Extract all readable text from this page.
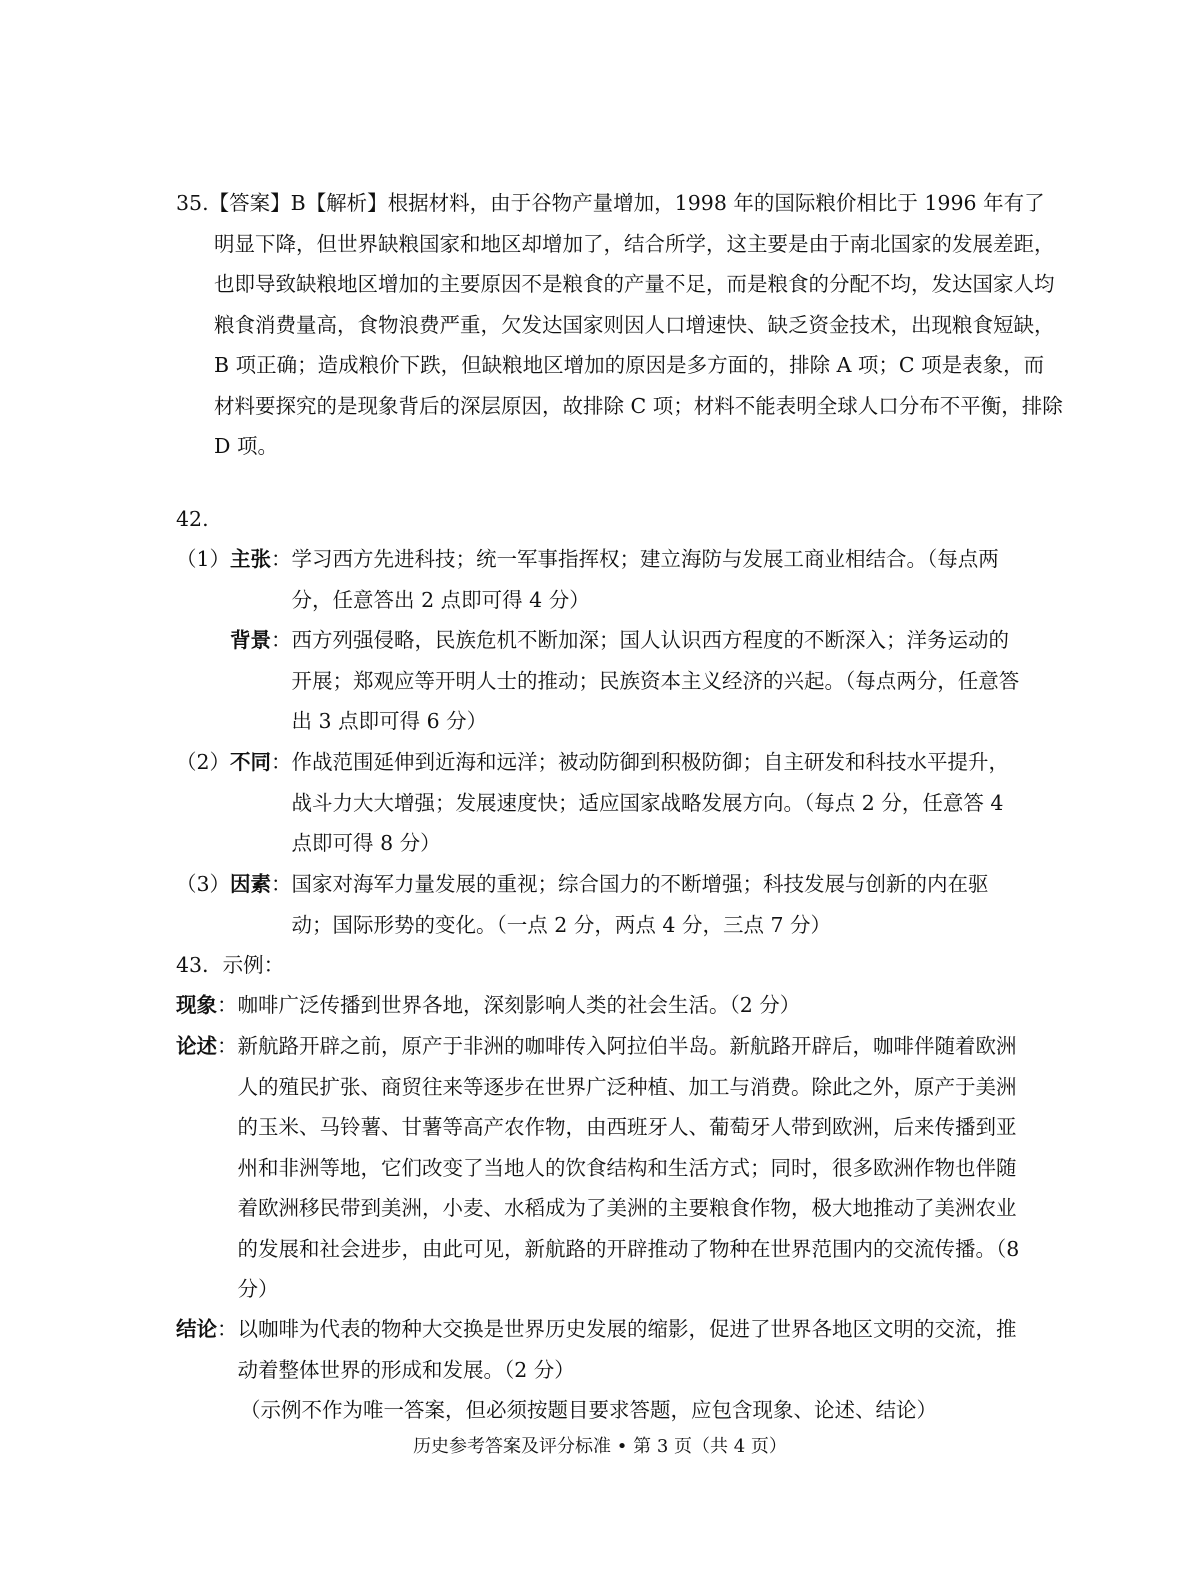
35.【答案】B【解析】根据材料，由于谷物产量增加，1998 年的国际粮价相比于 1996 年有了明显下降，但世界缺粮国家和地区却增加了，结合所学，这主要是由于南北国家的发展差距，也即导致缺粮地区增加的主要原因不是粮食的产量不足，而是粮食的分配不均，发达国家人均粮食消费量高，食物浪费严重，欠发达国家则因人口增速快、缺乏资金技术，出现粮食短缺，B 项正确；造成粮价下跌，但缺粮地区增加的原因是多方面的，排除 A 项；C 项是表象，而材料要探究的是现象背后的深层原因，故排除 C 项；材料不能表明全球人口分布不平衡，排除 D 项。

42.
（1）主张： 学习西方先进科技；统一军事指挥权；建立海防与发展工商业相结合。（每点两分，任意答出 2 点即可得 4 分）
背景： 西方列强侵略，民族危机不断加深；国人认识西方程度的不断深入；洋务运动的开展；郑观应等开明人士的推动；民族资本主义经济的兴起。（每点两分，任意答出 3 点即可得 6 分）
（2）不同： 作战范围延伸到近海和远洋；被动防御到积极防御；自主研发和科技水平提升，战斗力大大增强；发展速度快；适应国家战略发展方向。（每点 2 分，任意答 4 点即可得 8 分）
（3）因素： 国家对海军力量发展的重视；综合国力的不断增强；科技发展与创新的内在驱动；国际形势的变化。（一点 2 分，两点 4 分，三点 7 分）
43．示例：
现象： 咖啡广泛传播到世界各地，深刻影响人类的社会生活。（2 分）
论述： 新航路开辟之前，原产于非洲的咖啡传入阿拉伯半岛。新航路开辟后，咖啡伴随着欧洲人的殖民扩张、商贸往来等逐步在世界广泛种植、加工与消费。除此之外，原产于美洲的玉米、马铃薯、甘薯等高产农作物，由西班牙人、葡萄牙人带到欧洲，后来传播到亚州和非洲等地，它们改变了当地人的饮食结构和生活方式；同时，很多欧洲作物也伴随着欧洲移民带到美洲，小麦、水稻成为了美洲的主要粮食作物，极大地推动了美洲农业的发展和社会进步，由此可见，新航路的开辟推动了物种在世界范围内的交流传播。（8 分）
结论： 以咖啡为代表的物种大交换是世界历史发展的缩影，促进了世界各地区文明的交流，推动着整体世界的形成和发展。（2 分）
（示例不作为唯一答案，但必须按题目要求答题，应包含现象、论述、结论）
历史参考答案及评分标准 • 第 3 页（共 4 页）
